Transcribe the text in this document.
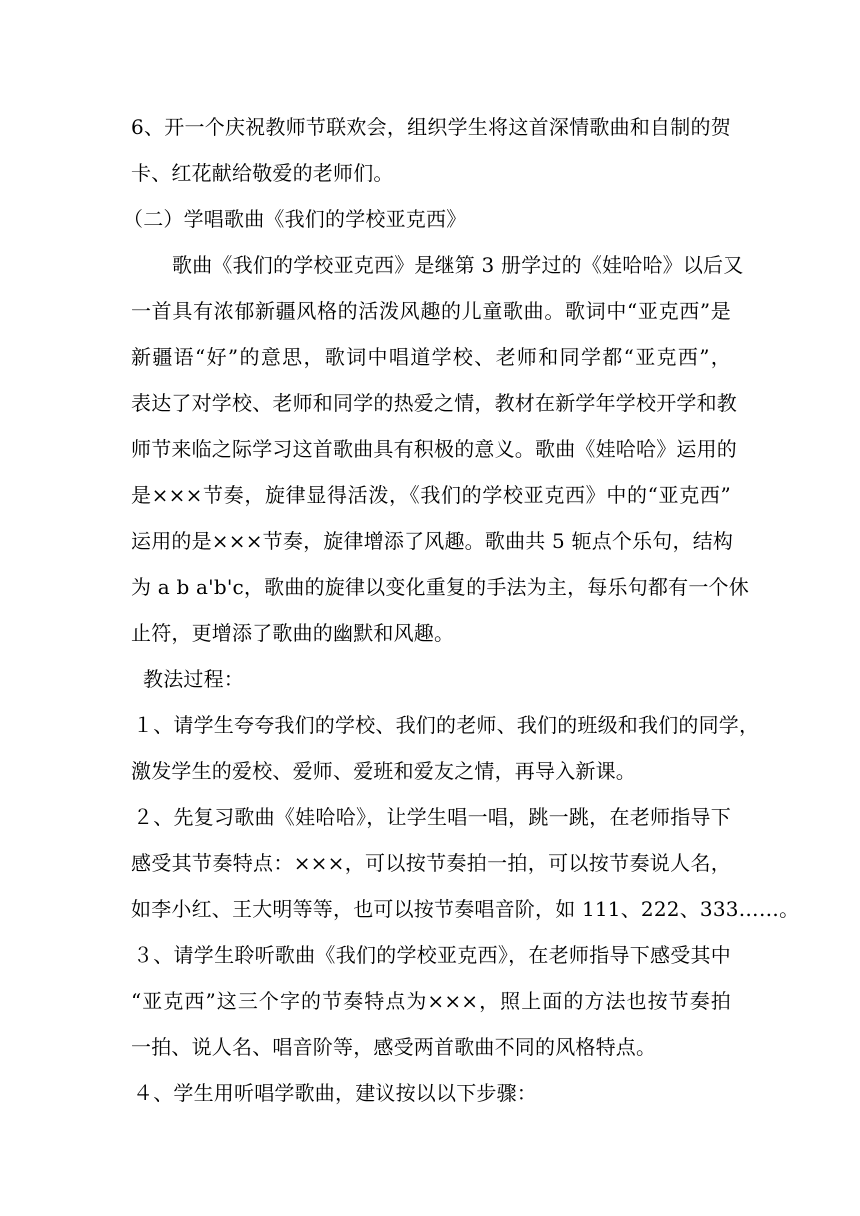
6、开一个庆祝教师节联欢会，组织学生将这首深情歌曲和自制的贺
卡、红花献给敬爱的老师们。
（二）学唱歌曲《我们的学校亚克西》
歌曲《我们的学校亚克西》是继第 3 册学过的《娃哈哈》以后又
一首具有浓郁新疆风格的活泼风趣的儿童歌曲。歌词中“亚克西”是
新疆语“好”的意思，歌词中唱道学校、老师和同学都“亚克西”，
表达了对学校、老师和同学的热爱之情，教材在新学年学校开学和教
师节来临之际学习这首歌曲具有积极的意义。歌曲《娃哈哈》运用的
是×××节奏，旋律显得活泼，《我们的学校亚克西》中的“亚克西”
运用的是×××节奏，旋律增添了风趣。歌曲共 5 轭点个乐句，结构
为 a b a'b'c，歌曲的旋律以变化重复的手法为主，每乐句都有一个休
止符，更增添了歌曲的幽默和风趣。
教法过程：
１、请学生夸夸我们的学校、我们的老师、我们的班级和我们的同学，
激发学生的爱校、爱师、爱班和爱友之情，再导入新课。
２、先复习歌曲《娃哈哈》，让学生唱一唱，跳一跳，在老师指导下
感受其节奏特点：×××，可以按节奏拍一拍，可以按节奏说人名，
如李小红、王大明等等，也可以按节奏唱音阶，如 111、222、333……。
３、请学生聆听歌曲《我们的学校亚克西》，在老师指导下感受其中
“亚克西”这三个字的节奏特点为×××，照上面的方法也按节奏拍
一拍、说人名、唱音阶等，感受两首歌曲不同的风格特点。
４、学生用听唱学歌曲，建议按以以下步骤：
